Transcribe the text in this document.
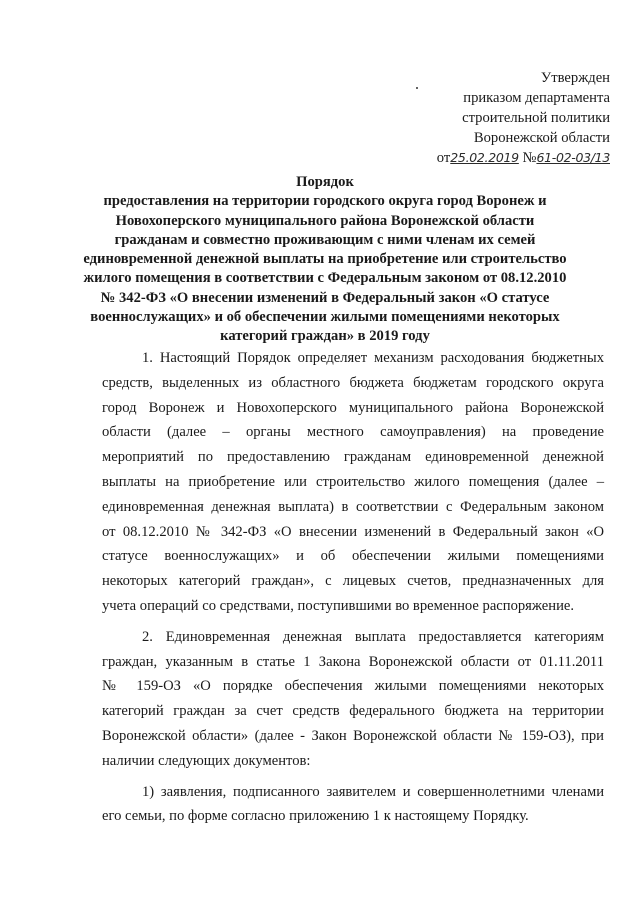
Утвержден
приказом департамента
строительной политики
Воронежской области
от25.02.2019 №61-02-03/13
Порядок
предоставления на территории городского округа город Воронеж и
Новохоперского муниципального района Воронежской области
гражданам и совместно проживающим с ними членам их семей
единовременной денежной выплаты на приобретение или строительство
жилого помещения в соответствии с Федеральным законом от 08.12.2010
№ 342-ФЗ «О внесении изменений в Федеральный закон «О статусе
военнослужащих» и об обеспечении жилыми помещениями некоторых
категорий граждан» в 2019 году

1. Настоящий Порядок определяет механизм расходования бюджетных
средств, выделенных из областного бюджета бюджетам городского округа
город Воронеж и Новохоперского муниципального района Воронежской
области (далее – органы местного самоуправления) на проведение
мероприятий по предоставлению гражданам единовременной денежной
выплаты на приобретение или строительство жилого помещения (далее –
единовременная денежная выплата) в соответствии с Федеральным законом
от 08.12.2010 № 342-ФЗ «О внесении изменений в Федеральный закон «О
статусе военнослужащих» и об обеспечении жилыми помещениями
некоторых категорий граждан», с лицевых счетов, предназначенных для
учета операций со средствами, поступившими во временное распоряжение.

2. Единовременная денежная выплата предоставляется категориям
граждан, указанным в статье 1 Закона Воронежской области от 01.11.2011
№ 159-ОЗ «О порядке обеспечения жилыми помещениями некоторых
категорий граждан за счет средств федерального бюджета на территории
Воронежской области» (далее - Закон Воронежской области № 159-ОЗ), при
наличии следующих документов:

1) заявления, подписанного заявителем и совершеннолетними членами
его семьи, по форме согласно приложению 1 к настоящему Порядку.
